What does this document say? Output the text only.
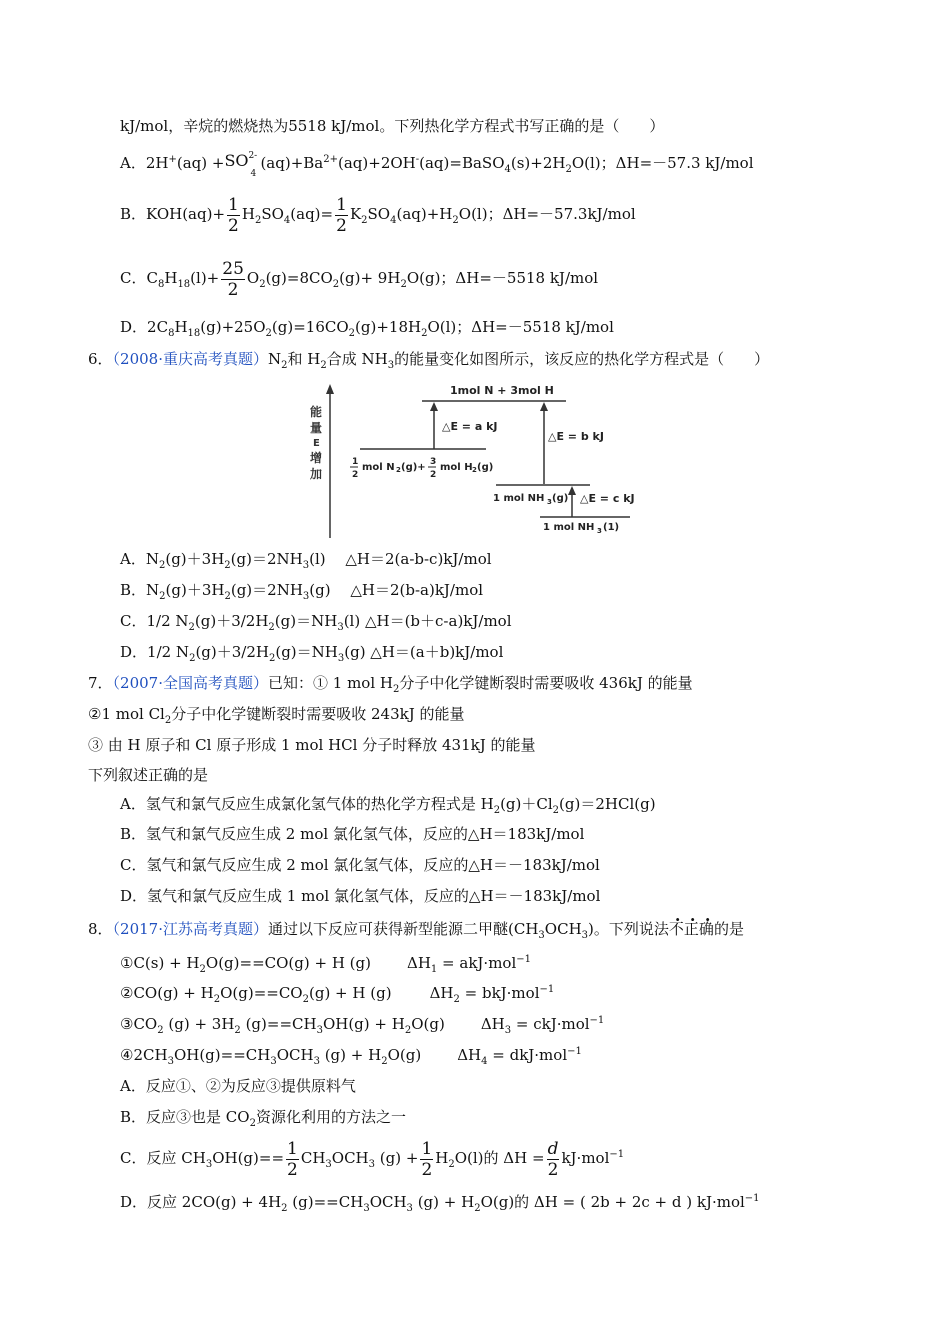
kJ/mol，辛烷的燃烧热为5518 kJ/mol。下列热化学方程式书写正确的是（　　）
A．2H+(aq) + SO 2-
4
$(aq)+Ba^{2+}(aq)+2OH^-(aq)=BaSO_4(s)+2H_2O(l)$；ΔH=－57.3 kJ/mol
B．$KOH(aq)+ \frac{1}{2} H_2SO_4(aq)= \frac{1}{2} K_2SO_4(aq)+H_2O(l)$；ΔH=－57.3kJ/mol
C．$C_8H_{18}(l)+ \frac{25}{2} O_2(g)=8CO_2(g)+ 9H_2O(g)$；ΔH=－5518 kJ/mol
D．$2C_8H_{18}(g)+25O_2(g)=16CO_2(g)+18H_2O(l)$；ΔH=－5518 kJ/mol
6．（2008·重庆高考真题）$N_2$和 $H_2$合成 $NH_3$的能量变化如图所示，该反应的热化学方程式是（　　）
能
量
E
增
加
1mol N + 3mol H
1
2
mol N 2 (g)+ 3
2
mol H 2 (g)
△E = a kJ
△E = b kJ
1 mol NH 3 (g) △E = c kJ
1 mol NH 3 (1)
A．$N_2(g)+3H_2(g)=2NH_3(l)$　 △H＝2(a-b-c)kJ/mol
B．$N_2(g)+3H_2(g)=2NH_3(g)$　 △H＝2(b-a)kJ/mol
C．1/2 $N_2(g)+3/2H_2(g)=NH_3(l)$ △H＝(b＋c-a)kJ/mol
D．1/2 $N_2(g)+3/2H_2(g)=NH_3(g)$ △H＝(a＋b)kJ/mol
7．（2007·全国高考真题）已知：① 1 mol $H_2$分子中化学键断裂时需要吸收 436kJ 的能量
②1 mol $Cl_2$分子中化学键断裂时需要吸收 243kJ 的能量
③ 由 H 原子和 Cl 原子形成 1 mol HCl 分子时释放 431kJ 的能量
下列叙述正确的是
A．氢气和氯气反应生成氯化氢气体的热化学方程式是 $H_2(g)+Cl_2(g)=2HCl(g)$
B．氢气和氯气反应生成 2 mol 氯化氢气体，反应的△H＝183kJ/mol
C．氢气和氯气反应生成 2 mol 氯化氢气体，反应的△H＝－183kJ/mol
D．氢气和氯气反应生成 1 mol 氯化氢气体，反应的△H＝－183kJ/mol
8．（2017·江苏高考真题）通过以下反应可获得新型能源二甲醚$(CH_3OCH_3)$。下列说法不正确的是
①C(s) + $H_2O(g)==CO(g) + H$ (g) $\Delta H_1 = akJ\cdot mol^{-1}$
②CO(g) + $H_2O(g)==CO_2(g) + H$ (g)	$\Delta H_2 = bkJ\cdot mol^{-1}$
$③CO_2$ $(g) + 3H_2$ $(g)==CH_3OH(g) + H_2O(g) \Delta H_3 = ckJ\cdot mol^{-1}$
$④2CH_3OH(g)==CH_3OCH_3$ $(g) + H_2O(g) \Delta H_4 = dkJ\cdot mol^{-1}$
A．反应①、②为反应③提供原料气
B．反应③也是 $CO_2$资源化利用的方法之一
C．反应 $CH_3OH(g)== \frac{1}{2} CH_3OCH_3$ $(g) + \frac{1}{2} H_2O(l)$的 $\Delta H = \frac{d}{2} kJ\cdot mol^{-1}$
D．反应 $2CO(g) + 4H_2$ $(g)==CH_3OCH_3$ $(g) + H_2O(g)$的 ΔH = ( 2b + 2c + d ) kJ·mol$^{-1}$
